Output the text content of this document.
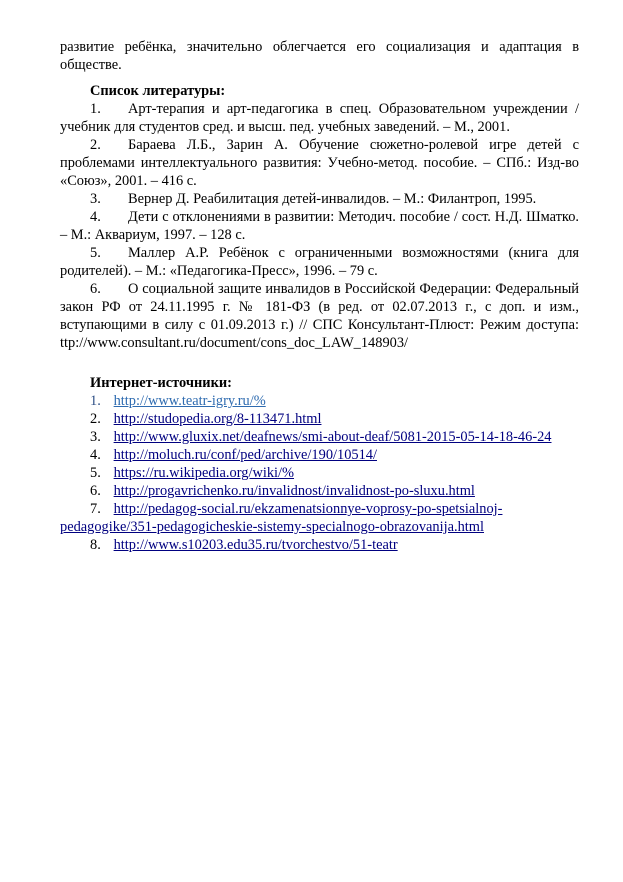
развитие ребёнка, значительно облегчается его социализация и адаптация в обществе.

Список литературы:

1. Арт-терапия и арт-педагогика в спец. Образовательном учреждении / учебник для студентов сред. и высш. пед. учебных заведений. – М., 2001.

2. Бараева Л.Б., Зарин А. Обучение сюжетно-ролевой игре детей с проблемами интеллектуального развития: Учебно-метод. пособие. – СПб.: Изд-во «Союз», 2001. – 416 с.

3. Вернер Д. Реабилитация детей-инвалидов. – М.: Филантроп, 1995.

4. Дети с отклонениями в развитии: Методич. пособие / сост. Н.Д. Шматко. – М.: Аквариум, 1997. – 128 с.

5. Маллер А.Р. Ребёнок с ограниченными возможностями (книга для родителей). – М.: «Педагогика-Пресс», 1996. – 79 с.

6. О социальной защите инвалидов в Российской Федерации: Федеральный закон РФ от 24.11.1995 г. № 181-ФЗ (в ред. от 02.07.2013 г., с доп. и изм., вступающими в силу с 01.09.2013 г.) // СПС Консультант-Плюст: Режим доступа: ttp://www.consultant.ru/document/cons_doc_LAW_148903/

Интернет-источники:

1. http://www.teatr-igry.ru/%
2. http://studopedia.org/8-113471.html
3. http://www.gluxix.net/deafnews/smi-about-deaf/5081-2015-05-14-18-46-24
4. http://moluch.ru/conf/ped/archive/190/10514/
5. https://ru.wikipedia.org/wiki/%
6. http://progavrichenko.ru/invalidnost/invalidnost-po-sluxu.html
7. http://pedagog-social.ru/ekzamenatsionnye-voprosy-po-spetsialnoj-pedagogike/351-pedagogicheskie-sistemy-specialnogo-obrazovanija.html
8. http://www.s10203.edu35.ru/tvorchestvo/51-teatr
